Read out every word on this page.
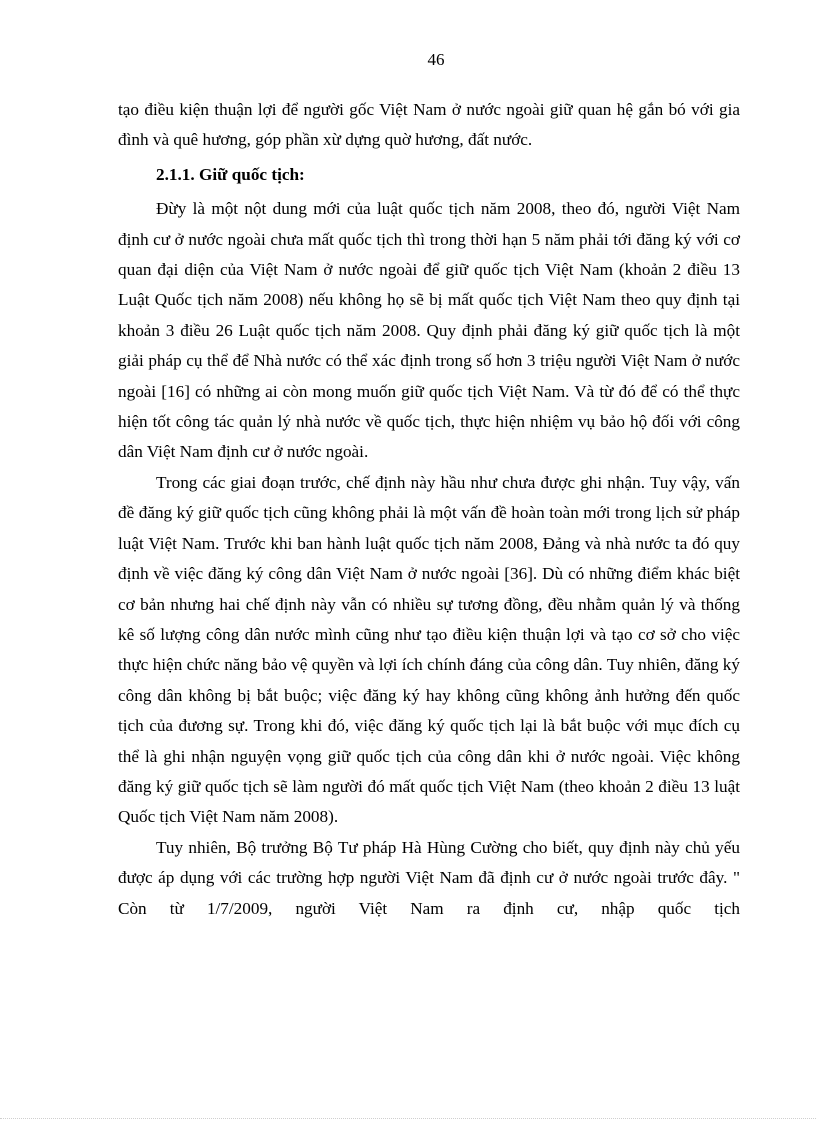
46

tạo điều kiện thuận lợi để người gốc Việt Nam ở nước ngoài giữ quan hệ gắn bó với gia đình và quê hương, góp phần xừ dựng quờ hương, đất nước.

2.1.1. Giữ quốc tịch:

Đừy là một nột dung mới của luật quốc tịch năm 2008, theo đó, người Việt Nam định cư ở nước ngoài chưa mất quốc tịch thì trong thời hạn 5 năm phải tới đăng ký với cơ quan đại diện của Việt Nam ở nước ngoài để giữ quốc tịch Việt Nam (khoản 2 điều 13 Luật Quốc tịch năm 2008) nếu không họ sẽ bị mất quốc tịch Việt Nam theo quy định tại khoản 3 điều 26 Luật quốc tịch năm 2008. Quy định phải đăng ký giữ quốc tịch là một giải pháp cụ thể để Nhà nước có thể xác định trong số hơn 3 triệu người Việt Nam ở nước ngoài [16] có những ai còn mong muốn giữ quốc tịch Việt Nam. Và từ đó để có thể thực hiện tốt công tác quản lý nhà nước về quốc tịch, thực hiện nhiệm vụ bảo hộ đối với công dân Việt Nam định cư ở nước ngoài.

Trong các giai đoạn trước, chế định này hầu như chưa được ghi nhận. Tuy vậy, vấn đề đăng ký giữ quốc tịch cũng không phải là một vấn đề hoàn toàn mới trong lịch sử pháp luật Việt Nam. Trước khi ban hành luật quốc tịch năm 2008, Đảng và nhà nước ta đó quy định về việc đăng ký công dân Việt Nam ở nước ngoài [36]. Dù có những điểm khác biệt cơ bản nhưng hai chế định này vẫn có nhiều sự tương đồng, đều nhằm quản lý và thống kê số lượng công dân nước mình cũng như tạo điều kiện thuận lợi và tạo cơ sở cho việc thực hiện chức năng bảo vệ quyền và lợi ích chính đáng của công dân. Tuy nhiên, đăng ký công dân không bị bắt buộc; việc đăng ký hay không cũng không ảnh hưởng đến quốc tịch của đương sự. Trong khi đó, việc đăng ký quốc tịch lại là bắt buộc với mục đích cụ thể là ghi nhận nguyện vọng giữ quốc tịch của công dân khi ở nước ngoài. Việc không đăng ký giữ quốc tịch sẽ làm người đó mất quốc tịch Việt Nam (theo khoản 2 điều 13 luật Quốc tịch Việt Nam năm 2008).

Tuy nhiên, Bộ trưởng Bộ Tư pháp Hà Hùng Cường cho biết, quy định này chủ yếu được áp dụng với các trường hợp người Việt Nam đã định cư ở nước ngoài trước đây. " Còn từ 1/7/2009, người Việt Nam ra định cư, nhập quốc tịch
